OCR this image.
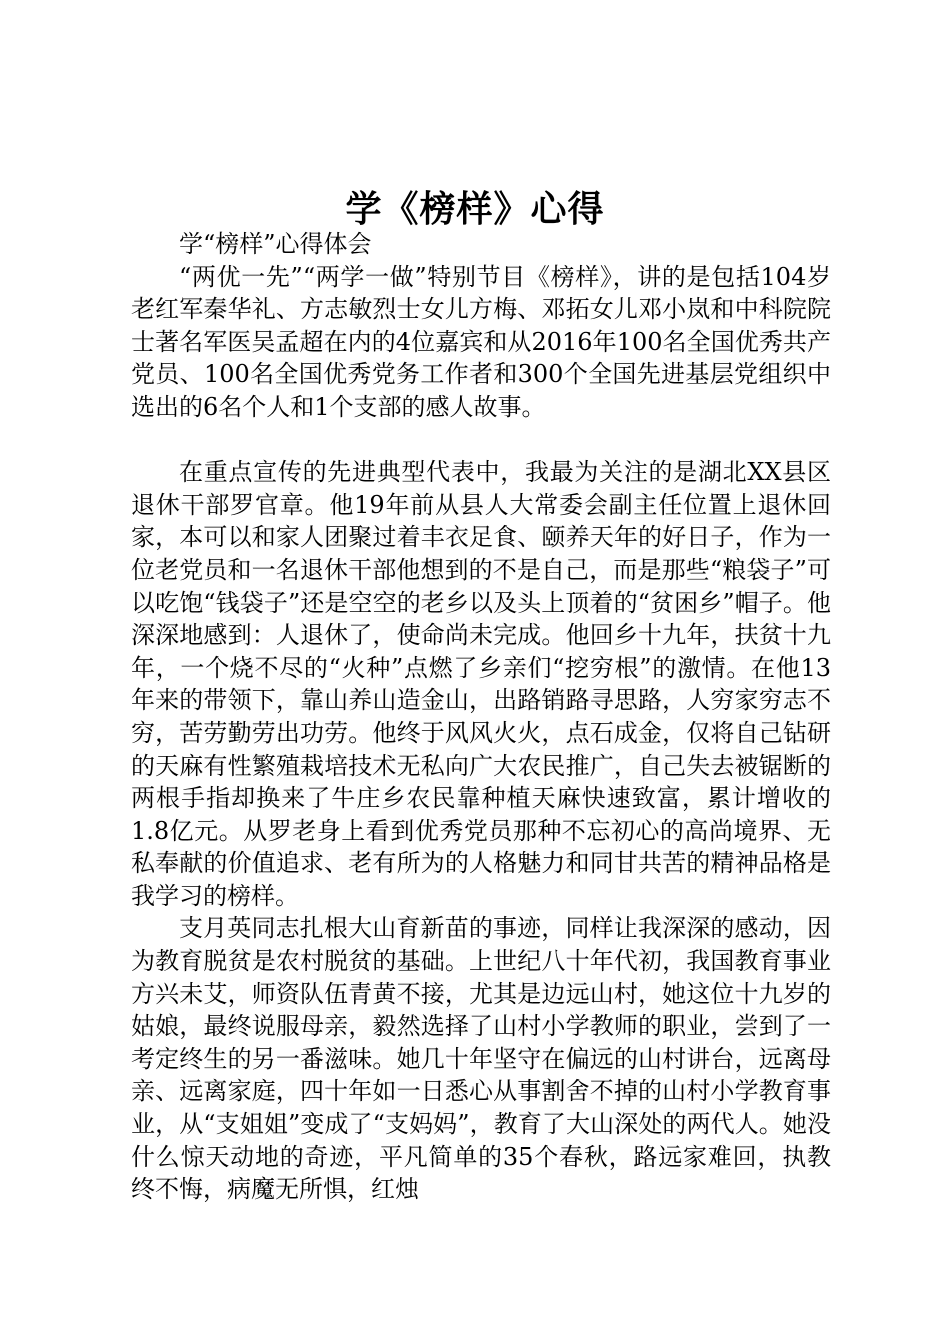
学《榜样》心得

学“榜样”心得体会

“两优一先”“两学一做”特别节目《榜样》，讲的是包括104岁老红军秦华礼、方志敏烈士女儿方梅、邓拓女儿邓小岚和中科院院士著名军医吴孟超在内的4位嘉宾和从2016年100名全国优秀共产党员、100名全国优秀党务工作者和300个全国先进基层党组织中选出的6名个人和1个支部的感人故事。

在重点宣传的先进典型代表中，我最为关注的是湖北XX县区退休干部罗官章。他19年前从县人大常委会副主任位置上退休回家，本可以和家人团聚过着丰衣足食、颐养天年的好日子，作为一位老党员和一名退休干部他想到的不是自己，而是那些“粮袋子”可以吃饱“钱袋子”还是空空的老乡以及头上顶着的“贫困乡”帽子。他深深地感到：人退休了，使命尚未完成。他回乡十九年，扶贫十九年，一个烧不尽的“火种”点燃了乡亲们“挖穷根”的激情。在他13年来的带领下，靠山养山造金山，出路销路寻思路，人穷家穷志不穷，苦劳勤劳出功劳。他终于风风火火，点石成金，仅将自己钻研的天麻有性繁殖栽培技术无私向广大农民推广，自己失去被锯断的两根手指却换来了牛庄乡农民靠种植天麻快速致富，累计增收的1.8亿元。从罗老身上看到优秀党员那种不忘初心的高尚境界、无私奉献的价值追求、老有所为的人格魅力和同甘共苦的精神品格是我学习的榜样。

支月英同志扎根大山育新苗的事迹，同样让我深深的感动，因为教育脱贫是农村脱贫的基础。上世纪八十年代初，我国教育事业方兴未艾，师资队伍青黄不接，尤其是边远山村，她这位十九岁的姑娘，最终说服母亲，毅然选择了山村小学教师的职业，尝到了一考定终生的另一番滋味。她几十年坚守在偏远的山村讲台，远离母亲、远离家庭，四十年如一日悉心从事割舍不掉的山村小学教育事业，从“支姐姐”变成了“支妈妈”，教育了大山深处的两代人。她没什么惊天动地的奇迹，平凡简单的35个春秋，路远家难回，执教终不悔，病魔无所惧，红烛
